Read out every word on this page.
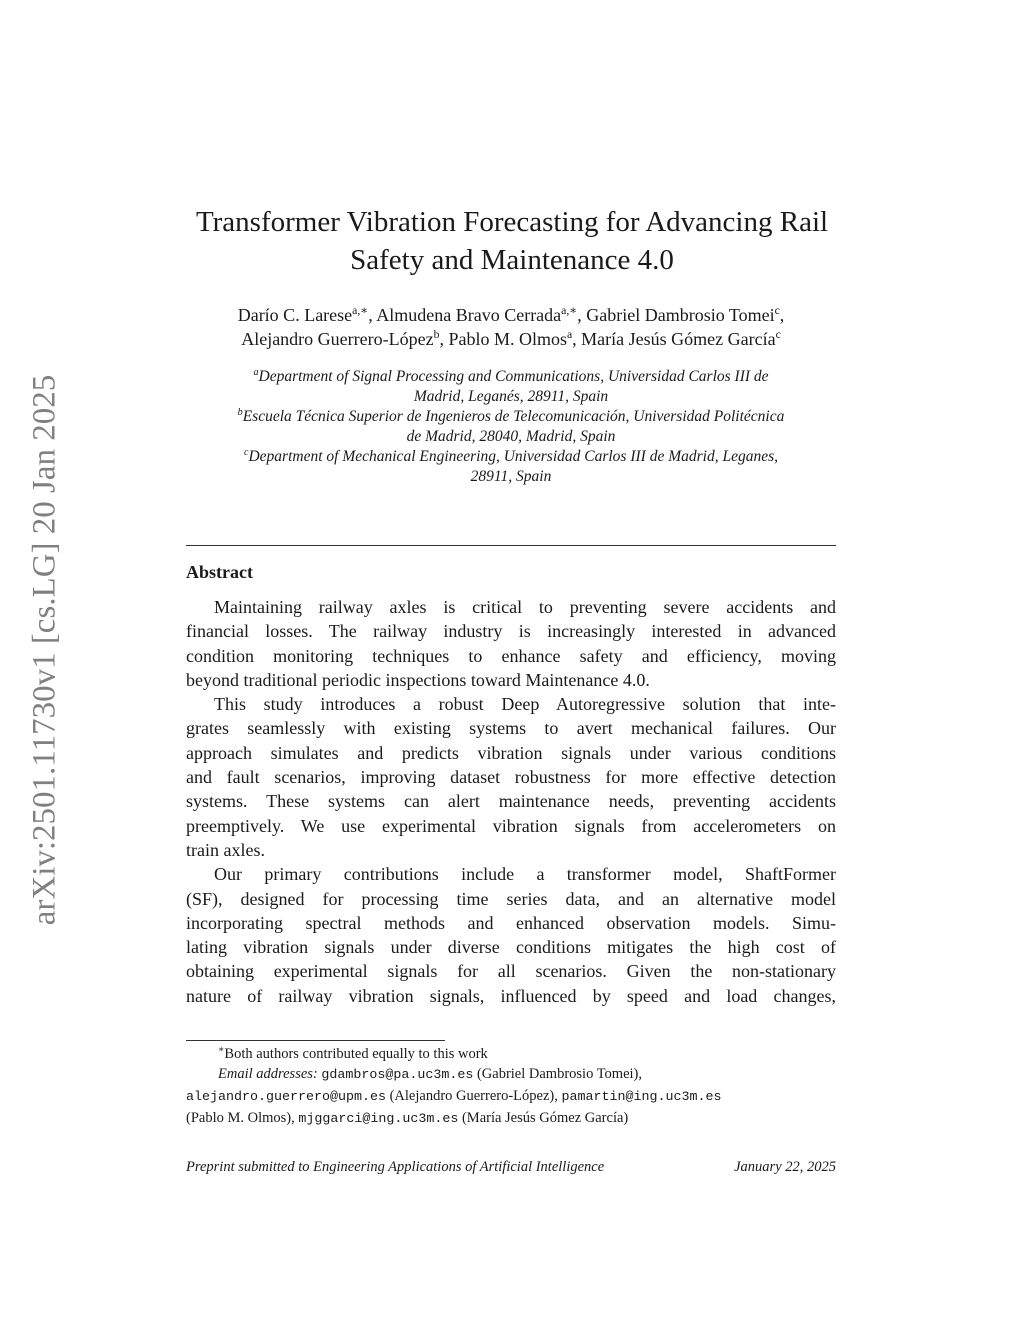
arXiv:2501.11730v1 [cs.LG] 20 Jan 2025
Transformer Vibration Forecasting for Advancing Rail
Safety and Maintenance 4.0
Darío C. Larese$^{a,∗}$, Almudena Bravo Cerrada$^{a,∗}$, Gabriel Dambrosio Tomei$^c$,
Alejandro Guerrero-López$^b$, Pablo M. Olmos$^a$, María Jesús Gómez García$^c$
$^a$Department of Signal Processing and Communications, Universidad Carlos III de
Madrid, Leganés, 28911, Spain
$^b$Escuela Técnica Superior de Ingenieros de Telecomunicación, Universidad Politécnica
de Madrid, 28040, Madrid, Spain
$^c$Department of Mechanical Engineering, Universidad Carlos III de Madrid, Leganes,
28911, Spain
Abstract
Maintaining railway axles is critical to preventing severe accidents and
financial losses. The railway industry is increasingly interested in advanced
condition monitoring techniques to enhance safety and efficiency, moving
beyond traditional periodic inspections toward Maintenance 4.0.
This study introduces a robust Deep Autoregressive solution that inte-
grates seamlessly with existing systems to avert mechanical failures. Our
approach simulates and predicts vibration signals under various conditions
and fault scenarios, improving dataset robustness for more effective detection
systems. These systems can alert maintenance needs, preventing accidents
preemptively. We use experimental vibration signals from accelerometers on
train axles.
Our primary contributions include a transformer model, ShaftFormer
(SF), designed for processing time series data, and an alternative model
incorporating spectral methods and enhanced observation models. Simu-
lating vibration signals under diverse conditions mitigates the high cost of
obtaining experimental signals for all scenarios. Given the non-stationary
nature of railway vibration signals, influenced by speed and load changes,
∗Both authors contributed equally to this work
Email addresses: gdambros@pa.uc3m.es (Gabriel Dambrosio Tomei),
alejandro.guerrero@upm.es (Alejandro Guerrero-López), pamartin@ing.uc3m.es
(Pablo M. Olmos), mjggarci@ing.uc3m.es (María Jesús Gómez García)
Preprint submitted to Engineering Applications of Artificial Intelligence	January 22, 2025
